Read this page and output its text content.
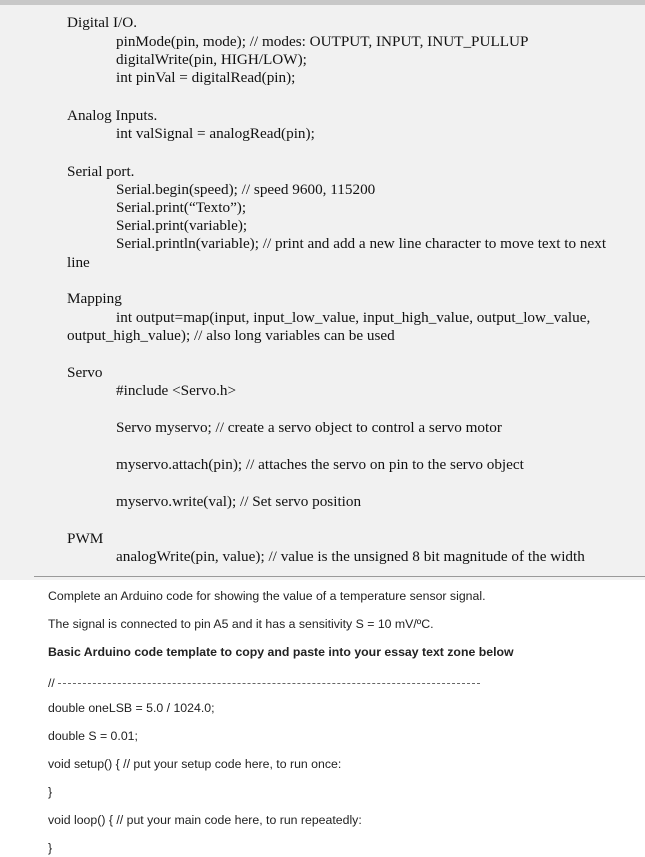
Digital I/O.
pinMode(pin, mode); // modes: OUTPUT, INPUT, INUT_PULLUP
digitalWrite(pin, HIGH/LOW);
int pinVal = digitalRead(pin);
Analog Inputs.
int valSignal = analogRead(pin);
Serial port.
Serial.begin(speed); // speed 9600, 115200
Serial.print(“Texto”);
Serial.print(variable);
Serial.println(variable); // print and add a new line character to move text to next
line
Mapping
int output=map(input, input_low_value, input_high_value, output_low_value,
output_high_value); // also long variables can be used
Servo
#include <Servo.h>
Servo myservo; // create a servo object to control a servo motor
myservo.attach(pin); // attaches the servo on pin to the servo object
myservo.write(val); // Set servo position
PWM
analogWrite(pin, value); // value is the unsigned 8 bit magnitude of the width
Complete an Arduino code for showing the value of a temperature sensor signal.
The signal is connected to pin A5 and it has a sensitivity S = 10 mV/ºC.
Basic Arduino code template to copy and paste into your essay text zone below
//
double oneLSB = 5.0 / 1024.0;
double S = 0.01;
void setup() { // put your setup code here, to run once:
}
void loop() { // put your main code here, to run repeatedly:
}
